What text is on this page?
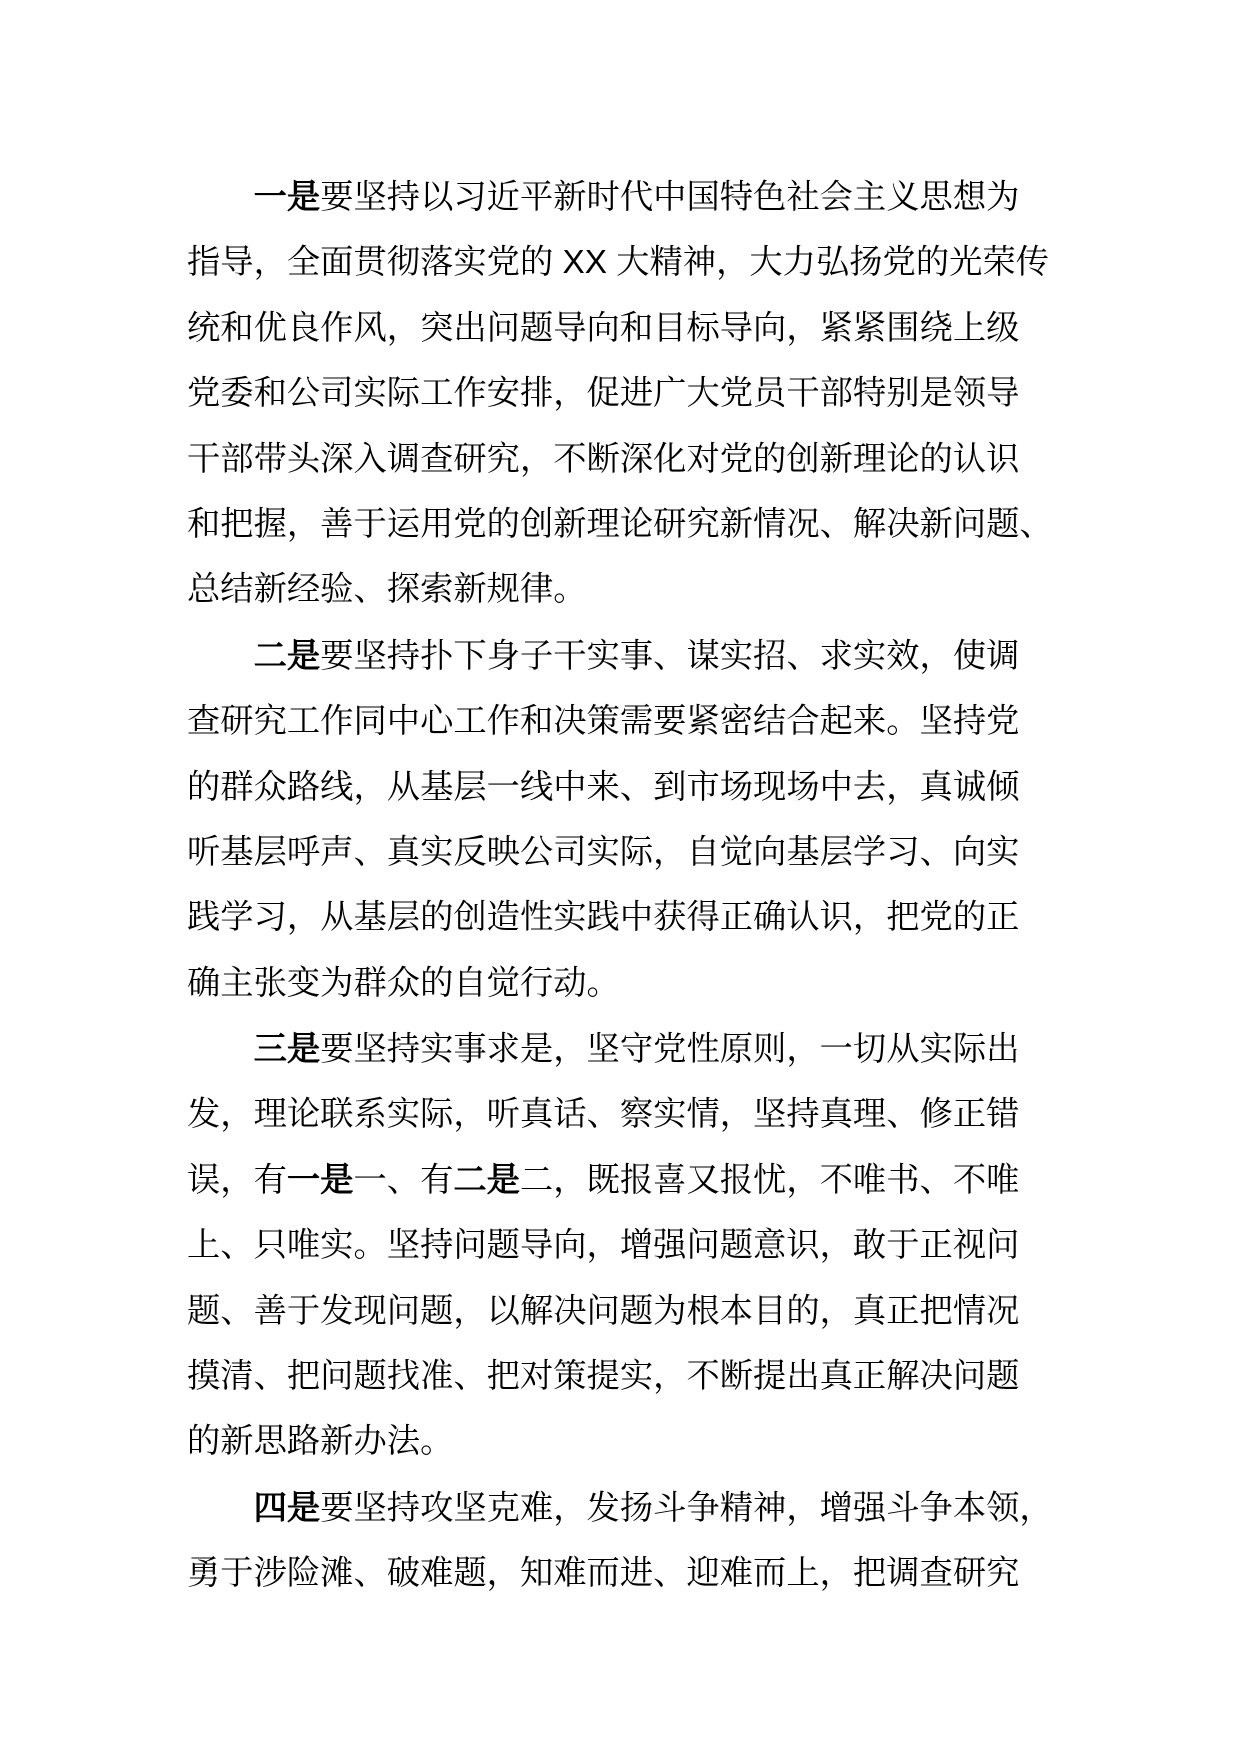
一是要坚持以习近平新时代中国特色社会主义思想为
指导，全面贯彻落实党的 XX 大精神，大力弘扬党的光荣传
统和优良作风，突出问题导向和目标导向，紧紧围绕上级
党委和公司实际工作安排，促进广大党员干部特别是领导
干部带头深入调查研究，不断深化对党的创新理论的认识
和把握，善于运用党的创新理论研究新情况、解决新问题、
总结新经验、探索新规律。
二是要坚持扑下身子干实事、谋实招、求实效，使调
查研究工作同中心工作和决策需要紧密结合起来。坚持党
的群众路线，从基层一线中来、到市场现场中去，真诚倾
听基层呼声、真实反映公司实际，自觉向基层学习、向实
践学习，从基层的创造性实践中获得正确认识，把党的正
确主张变为群众的自觉行动。
三是要坚持实事求是，坚守党性原则，一切从实际出
发，理论联系实际，听真话、察实情，坚持真理、修正错
误，有一是一、有二是二，既报喜又报忧，不唯书、不唯
上、只唯实。坚持问题导向，增强问题意识，敢于正视问
题、善于发现问题，以解决问题为根本目的，真正把情况
摸清、把问题找准、把对策提实，不断提出真正解决问题
的新思路新办法。
四是要坚持攻坚克难，发扬斗争精神，增强斗争本领，
勇于涉险滩、破难题，知难而进、迎难而上，把调查研究
